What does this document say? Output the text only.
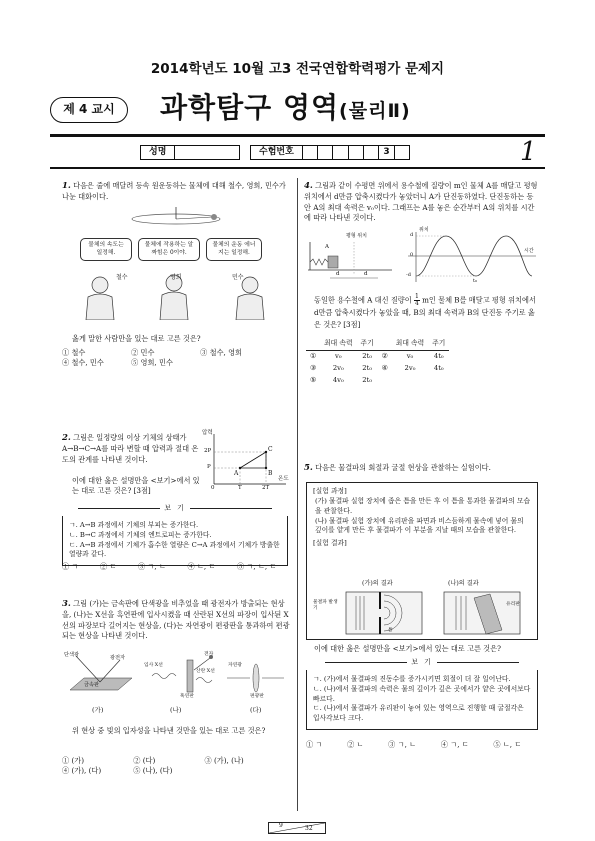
2014학년도 10월 고3 전국연합학력평가 문제지
제 4 교시	과학탐구 영역(물리Ⅱ)
성명	수험번호	3	1
1. 다음은 줄에 매달려 등속 원운동하는 물체에 대해 철수, 영희, 민수가 나눈 대화이다.
물체의 속도는 일정해.
물체에 작용하는 알짜힘은 0이야.
물체의 운동 에너지는 일정해.
철수	영희	민수
옳게 말한 사람만을 있는 대로 고른 것은?
① 철수	② 민수	③ 철수, 영희
④ 철수, 민수	⑤ 영희, 민수
2. 그림은 일정량의 이상 기체의 상태가 A→B→C→A를 따라 변할 때 압력과 절대 온도의 관계를 나타낸 것이다.
압력
온도
2P
P
0	T	2T
A	B
C
이에 대한 옳은 설명만을 <보기>에서 있는 대로 고른 것은? [3점]
보 기
ㄱ. A→B 과정에서 기체의 부피는 증가한다.
ㄴ. B→C 과정에서 기체의 엔트로피는 증가한다.
ㄷ. A→B 과정에서 기체가 흡수한 열량은 C→A 과정에서 기체가 방출한 열량과 같다.
① ㄱ	② ㄷ	③ ㄱ, ㄴ	④ ㄴ, ㄷ	⑤ ㄱ, ㄴ, ㄷ
3. 그림 (가)는 금속판에 단색광을 비추었을 때 광전자가 방출되는 현상을, (나)는 X선을 흑연판에 입사시켰을 때 산란된 X선의 파장이 입사된 X선의 파장보다 길어지는 현상을, (다)는 자연광이 편광판을 통과하여 편광되는 현상을 나타낸 것이다.
단색광	광전자
금속판
입사 X선
산란 X선
흑연판
전자
자연광
편광판
(가)	(나)	(다)
위 현상 중 빛의 입자성을 나타낸 것만을 있는 대로 고른 것은?
① (가)	② (다)	③ (가), (나)
④ (가), (다)	⑤ (나), (다)
4. 그림과 같이 수평면 위에서 용수철에 질량이 m인 물체 A를 매달고 평형 위치에서 d만큼 압축시켰다가 놓았더니 A가 단진동하였다. 단진동하는 동안 A의 최대 속력은 v₀이다. 그래프는 A를 놓은 순간부터 A의 위치를 시간에 따라 나타낸 것이다.
A
평형 위치
d	d
위치
시간
0
d
-d
t₀
동일한 용수철에 A 대신 질량이 $\frac{1}{4}$ m인 물체 B를 매달고 평형 위치에서 d만큼 압축시켰다가 놓았을 때, B의 최대 속력과 B의 단진동 주기로 옳은 것은? [3점]
	최대 속력	주기		최대 속력	주기
①	v₀	2t₀	②	v₀	4t₀
③	2v₀	2t₀	④	2v₀	4t₀
⑤	4v₀	2t₀			
5. 다음은 물결파의 회절과 굴절 현상을 관찰하는 실험이다.
[실험 과정]
(가) 물결파 실험 장치에 좁은 틈을 만든 후 이 틈을 통과한 물결파의 모습을 관찰한다.
(나) 물결파 실험 장치에 유리판을 파면과 비스듬하게 물속에 넣어 물의 깊이를 얕게 만든 후 물결파가 이 부분을 지날 때의 모습을 관찰한다.
[실험 결과]
(가)의 결과	(나)의 결과
물결파 발생기
틈
유리판
이에 대한 옳은 설명만을 <보기>에서 있는 대로 고른 것은?
보 기
ㄱ. (가)에서 물결파의 진동수를 증가시키면 회절이 더 잘 일어난다.
ㄴ. (나)에서 물결파의 속력은 물의 깊이가 깊은 곳에서가 얕은 곳에서보다 빠르다.
ㄷ. (나)에서 물결파가 유리판이 놓여 있는 영역으로 진행할 때 굴절각은 입사각보다 크다.
① ㄱ	② ㄴ	③ ㄱ, ㄴ	④ ㄱ, ㄷ	⑤ ㄴ, ㄷ
9	32
